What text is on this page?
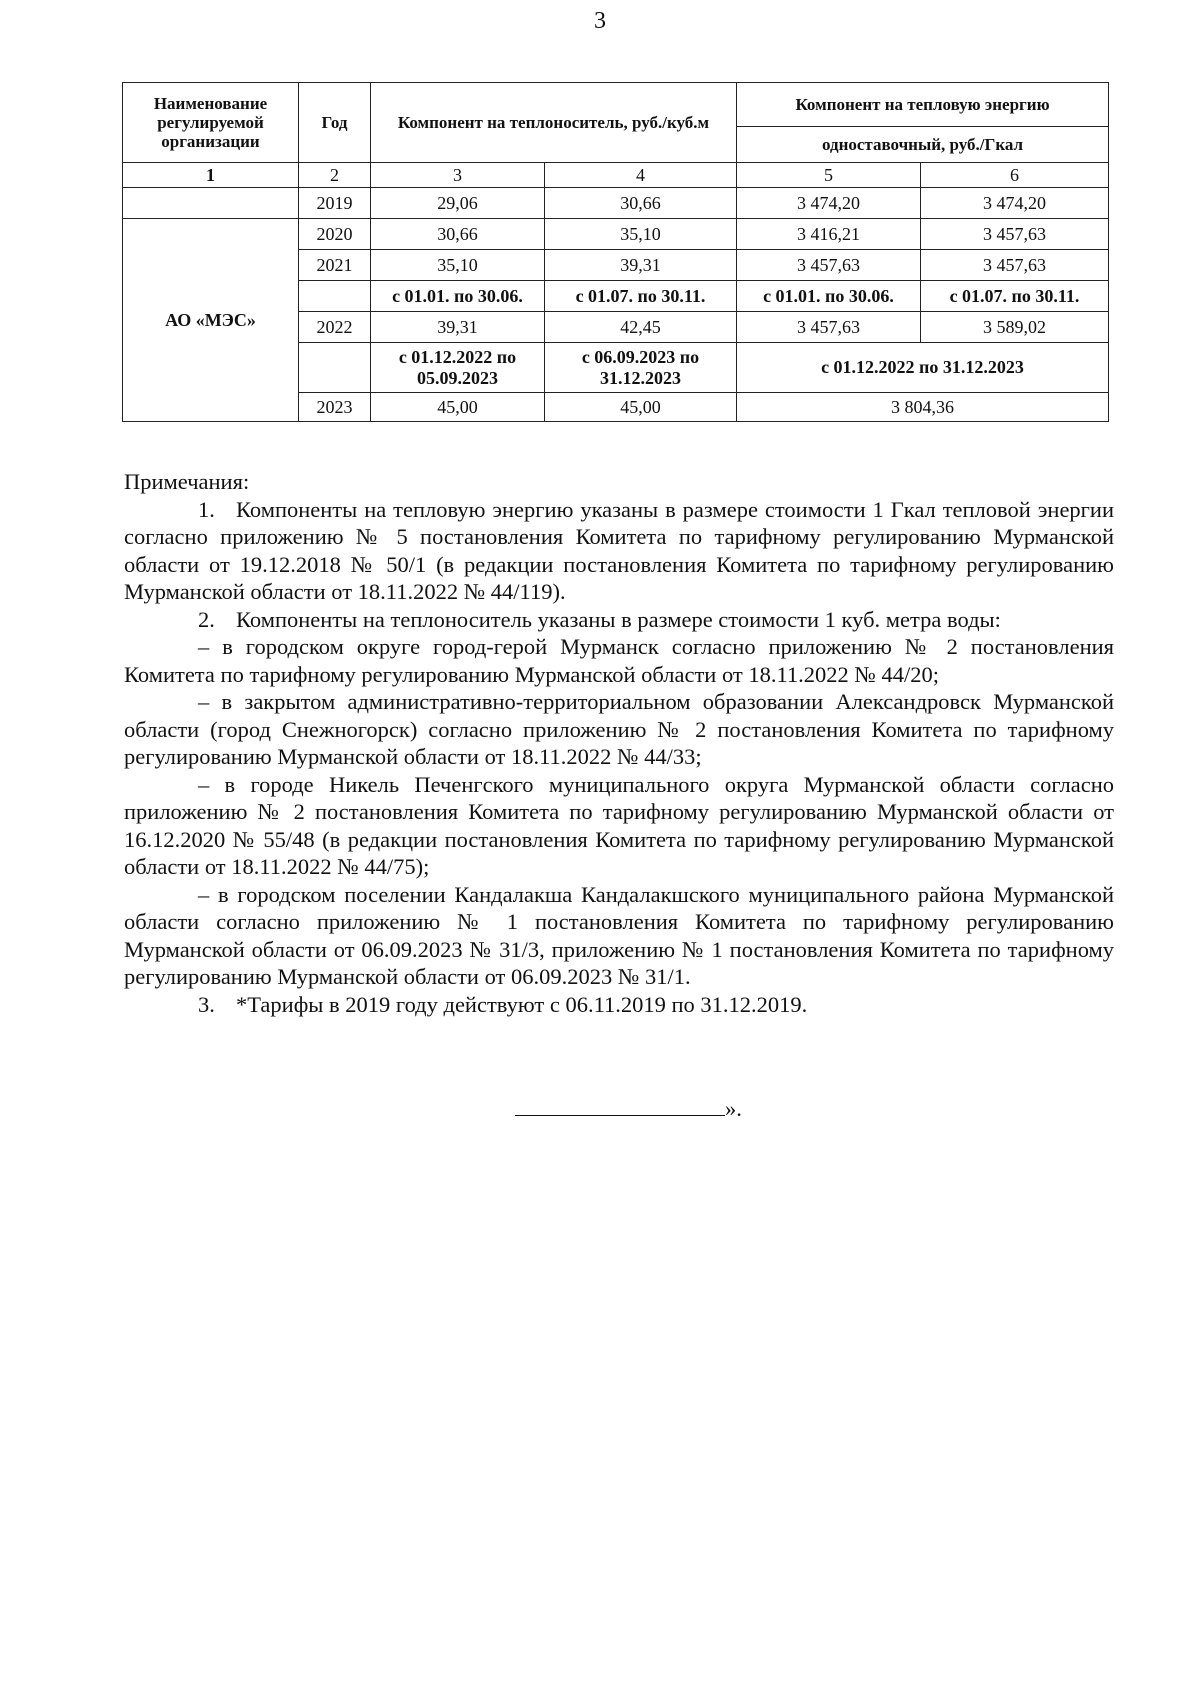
3
Наименование регулируемой организации	Год	Компонент на теплоноситель, руб./куб.м		Компонент на тепловую энергию	
				одноставочный, руб./Гкал	
1	2	3	4	5	6
	2019	29,06	30,66	3 474,20	3 474,20
АО «МЭС»	2020	30,66	35,10	3 416,21	3 457,63
	2021	35,10	39,31	3 457,63	3 457,63
		с 01.01. по 30.06.	с 01.07. по 30.11.	с 01.01. по 30.06.	с 01.07. по 30.11.
	2022	39,31	42,45	3 457,63	3 589,02
		с 01.12.2022 по 05.09.2023	с 06.09.2023 по 31.12.2023	с 01.12.2022 по 31.12.2023	
	2023	45,00	45,00	3 804,36	

Примечания:

1. Компоненты на тепловую энергию указаны в размере стоимости 1 Гкал тепловой энергии согласно приложению № 5 постановления Комитета по тарифному регулированию Мурманской области от 19.12.2018 № 50/1 (в редакции постановления Комитета по тарифному регулированию Мурманской области от 18.11.2022 № 44/119).

2. Компоненты на теплоноситель указаны в размере стоимости 1 куб. метра воды:

– в городском округе город-герой Мурманск согласно приложению № 2 постановления Комитета по тарифному регулированию Мурманской области от 18.11.2022 № 44/20;

– в закрытом административно-территориальном образовании Александровск Мурманской области (город Снежногорск) согласно приложению № 2 постановления Комитета по тарифному регулированию Мурманской области от 18.11.2022 № 44/33;

– в городе Никель Печенгского муниципального округа Мурманской области согласно приложению № 2 постановления Комитета по тарифному регулированию Мурманской области от 16.12.2020 № 55/48 (в редакции постановления Комитета по тарифному регулированию Мурманской области от 18.11.2022 № 44/75);

– в городском поселении Кандалакша Кандалакшского муниципального района Мурманской области согласно приложению № 1 постановления Комитета по тарифному регулированию Мурманской области от 06.09.2023 № 31/3, приложению № 1 постановления Комитета по тарифному регулированию Мурманской области от 06.09.2023 № 31/1.

3. *Тарифы в 2019 году действуют с 06.11.2019 по 31.12.2019.

».
